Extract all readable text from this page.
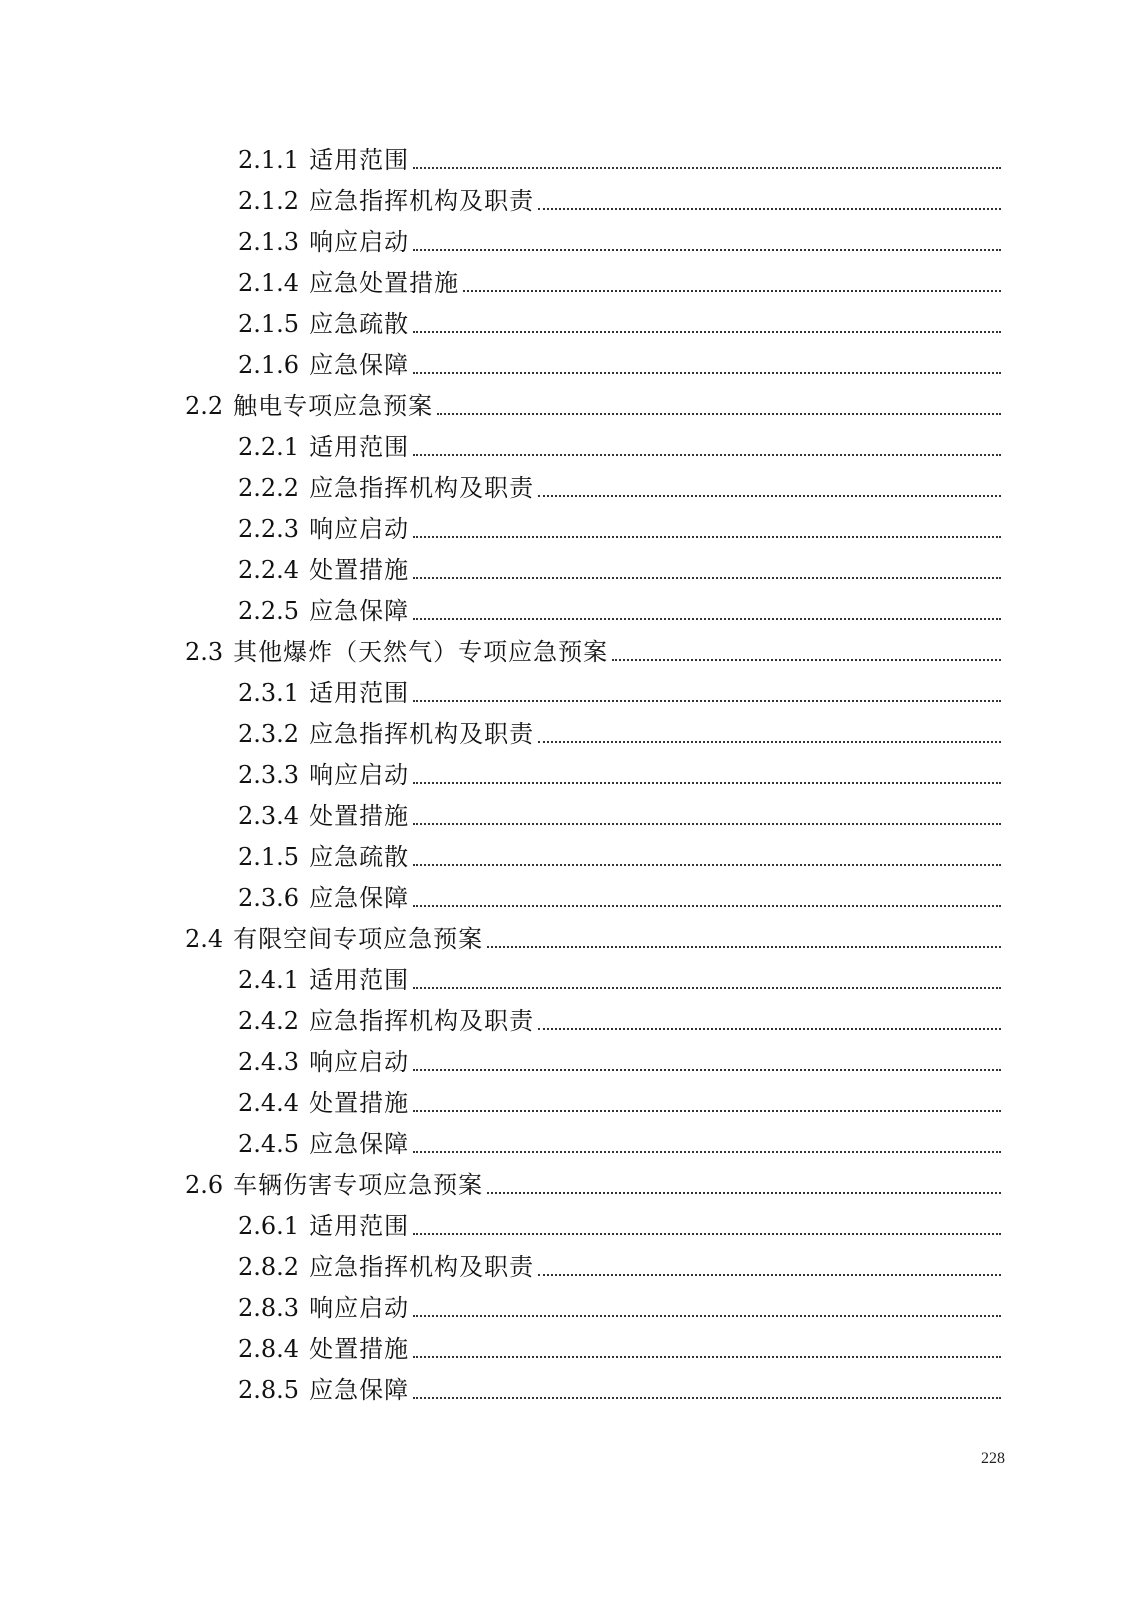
2.1.1 适用范围
2.1.2 应急指挥机构及职责
2.1.3 响应启动
2.1.4 应急处置措施
2.1.5 应急疏散
2.1.6 应急保障
2.2 触电专项应急预案
2.2.1 适用范围
2.2.2 应急指挥机构及职责
2.2.3 响应启动
2.2.4 处置措施
2.2.5 应急保障
2.3 其他爆炸（天然气）专项应急预案
2.3.1 适用范围
2.3.2 应急指挥机构及职责
2.3.3 响应启动
2.3.4 处置措施
2.1.5 应急疏散
2.3.6 应急保障
2.4 有限空间专项应急预案
2.4.1 适用范围
2.4.2 应急指挥机构及职责
2.4.3 响应启动
2.4.4 处置措施
2.4.5 应急保障
2.6 车辆伤害专项应急预案
2.6.1 适用范围
2.8.2 应急指挥机构及职责
2.8.3 响应启动
2.8.4 处置措施
2.8.5 应急保障
228
